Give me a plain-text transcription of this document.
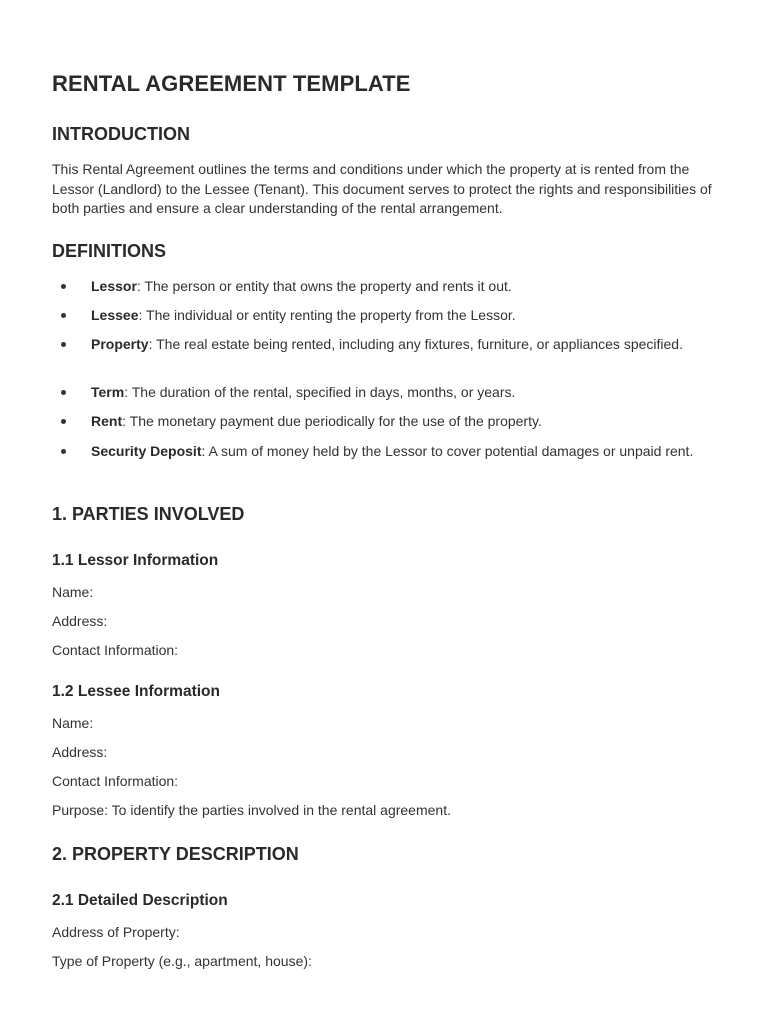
RENTAL AGREEMENT TEMPLATE
INTRODUCTION

This Rental Agreement outlines the terms and conditions under which the property at is rented from the Lessor (Landlord) to the Lessee (Tenant). This document serves to protect the rights and responsibilities of both parties and ensure a clear understanding of the rental arrangement.

DEFINITIONS
Lessor: The person or entity that owns the property and rents it out.
Lessee: The individual or entity renting the property from the Lessor.
Property: The real estate being rented, including any fixtures, furniture, or appliances specified.
Term: The duration of the rental, specified in days, months, or years.
Rent: The monetary payment due periodically for the use of the property.
Security Deposit: A sum of money held by the Lessor to cover potential damages or unpaid rent.
1. PARTIES INVOLVED
1.1 Lessor Information

Name:

Address:

Contact Information:

1.2 Lessee Information

Name:

Address:

Contact Information:

Purpose: To identify the parties involved in the rental agreement.

2. PROPERTY DESCRIPTION
2.1 Detailed Description

Address of Property:

Type of Property (e.g., apartment, house):
